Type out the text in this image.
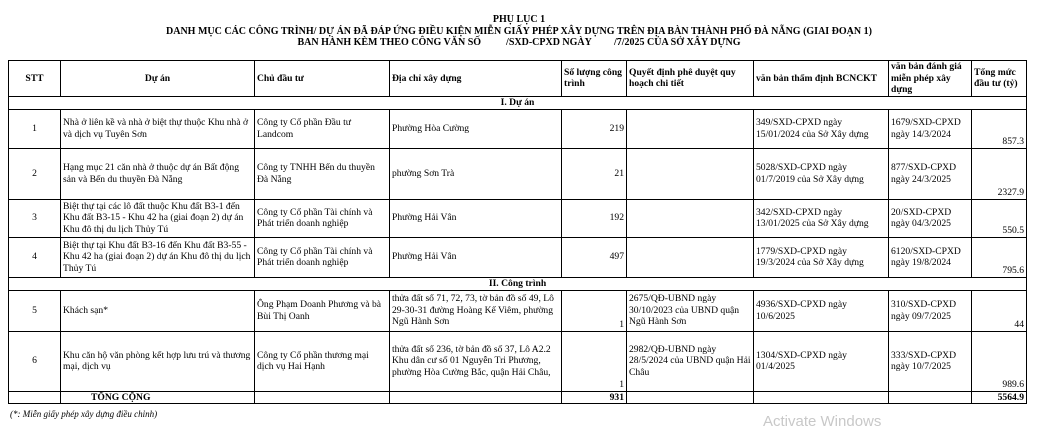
PHỤ LỤC 1
DANH MỤC CÁC CÔNG TRÌNH/ DỰ ÁN ĐÃ ĐÁP ỨNG ĐIỀU KIỆN MIỄN GIẤY PHÉP XÂY DỰNG TRÊN ĐỊA BÀN THÀNH PHỐ ĐÀ NẴNG (GIAI ĐOẠN 1)
BAN HÀNH KÈM THEO CÔNG VĂN SỐ          /SXD-CPXD NGÀY         /7/2025 CỦA SỞ XÂY DỰNG
STT	Dự án	Chủ đầu tư	Địa chỉ xây dựng	Số lượng công trình	Quyết định phê duyệt quy hoạch chi tiết	văn bản thẩm định BCNCKT	văn bản đánh giá miễn phép xây dựng	Tổng mức đầu tư (tỷ)
I. Dự án								
1	Nhà ở liên kề và nhà ở biệt thự thuộc Khu nhà ở và dịch vụ Tuyên Sơn	Công ty Cổ phần Đầu tư Landcom	Phường Hòa Cường	219		349/SXD-CPXD ngày 15/01/2024 của Sở Xây dựng	1679/SXD-CPXD ngày 14/3/2024	857.3
2	Hạng mục 21 căn nhà ở thuộc dự án Bất động sản và Bến du thuyền Đà Nẵng	Công ty TNHH Bến du thuyền Đà Nẵng	phường Sơn Trà	21		5028/SXD-CPXD ngày 01/7/2019 của Sở Xây dựng	877/SXD-CPXD ngày 24/3/2025	2327.9
3	Biệt thự tại các lô đất thuộc Khu đất B3-1 đến Khu đất B3-15 - Khu 42 ha (giai đoạn 2) dự án Khu đô thị du lịch Thủy Tú	Công ty Cổ phần Tài chính và Phát triển doanh nghiệp	Phường Hải Vân	192		342/SXD-CPXD ngày 13/01/2025 của Sở Xây dựng	20/SXD-CPXD ngày 04/3/2025	550.5
4	Biệt thự tại Khu đất B3-16 đến Khu đất B3-55 - Khu 42 ha (giai đoạn 2) dự án Khu đô thị du lịch Thủy Tú	Công ty Cổ phần Tài chính và Phát triển doanh nghiệp	Phường Hải Vân	497		1779/SXD-CPXD ngày 19/3/2024 của Sở Xây dựng	6120/SXD-CPXD ngày 19/8/2024	795.6
II. Công trình								
5	Khách sạn*	Ông Phạm Doanh Phương và bà Bùi Thị Oanh	thửa đất số 71, 72, 73, tờ bản đồ số 49, Lô 29-30-31 đường Hoàng Kế Viêm, phường Ngũ Hành Sơn	1	2675/QĐ-UBND ngày 30/10/2023 của UBND quận Ngũ Hành Sơn	4936/SXD-CPXD ngày 10/6/2025	310/SXD-CPXD ngày 09/7/2025	44
6	Khu căn hộ văn phòng kết hợp lưu trú và thương mại, dịch vụ	Công ty Cổ phần thương mại dịch vụ Hai Hạnh	thửa đất số 236, tờ bản đồ số 37, Lô A2.2 Khu dân cư số 01 Nguyễn Tri Phương, phường Hòa Cường Bắc, quận Hải Châu,	1	2982/QĐ-UBND ngày 28/5/2024 của UBND quận Hải Châu	1304/SXD-CPXD ngày 01/4/2025	333/SXD-CPXD ngày 10/7/2025	989.6
	TỔNG CỘNG			931				5564.9
(*: Miễn giấy phép xây dựng điều chỉnh)	Activate Windows
